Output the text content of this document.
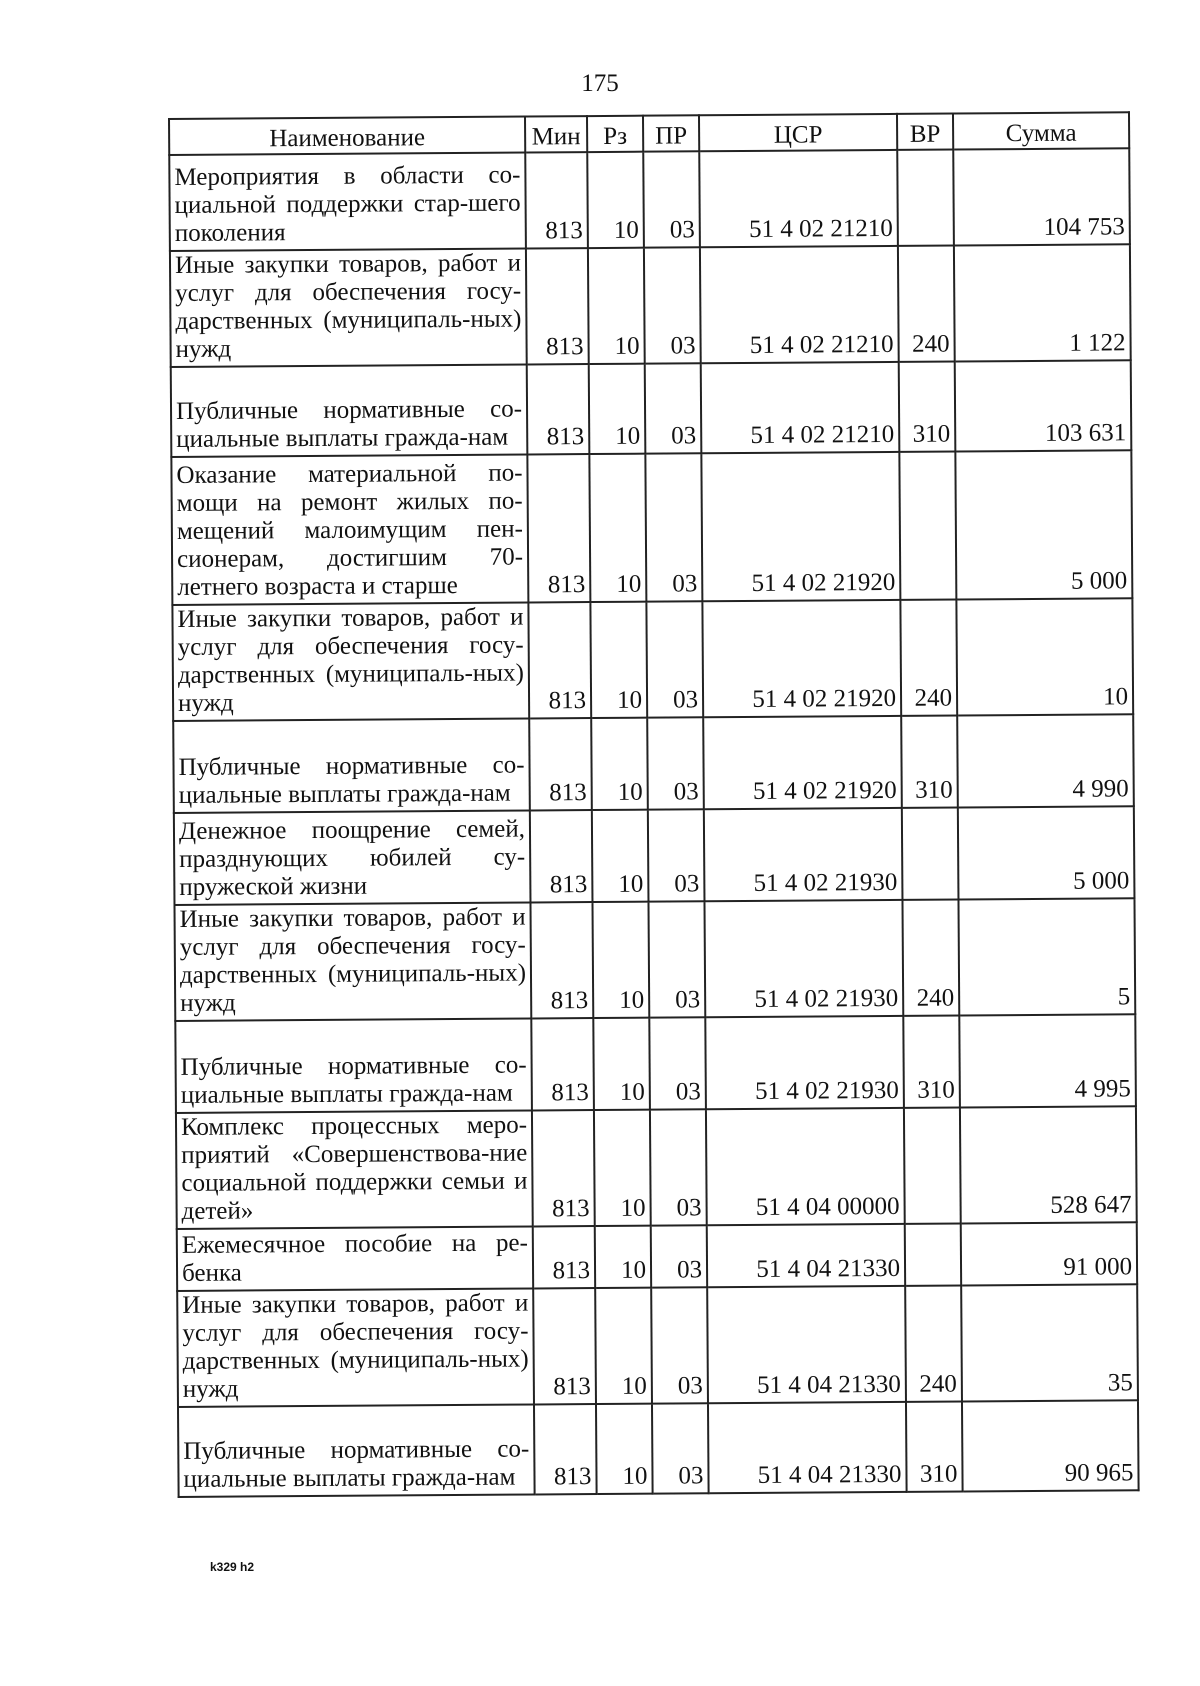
175
Наименование	Мин	Рз	ПР	ЦСР	ВР	Сумма
Мероприятия в области со-циальной поддержки стар-шего поколения	813	10	03	51 4 02 21210		104 753
Иные закупки товаров, работ и услуг для обеспечения госу-дарственных (муниципаль-ных) нужд	813	10	03	51 4 02 21210	240	1 122
Публичные нормативные со-циальные выплаты гражда-нам	813	10	03	51 4 02 21210	310	103 631
Оказание материальной по-мощи на ремонт жилых по-мещений малоимущим пен-сионерам, достигшим 70-летнего возраста и старше	813	10	03	51 4 02 21920		5 000
Иные закупки товаров, работ и услуг для обеспечения госу-дарственных (муниципаль-ных) нужд	813	10	03	51 4 02 21920	240	10
Публичные нормативные со-циальные выплаты гражда-нам	813	10	03	51 4 02 21920	310	4 990
Денежное поощрение семей, празднующих юбилей су-пружеской жизни	813	10	03	51 4 02 21930		5 000
Иные закупки товаров, работ и услуг для обеспечения госу-дарственных (муниципаль-ных) нужд	813	10	03	51 4 02 21930	240	5
Публичные нормативные со-циальные выплаты гражда-нам	813	10	03	51 4 02 21930	310	4 995
Комплекс процессных меро-приятий «Совершенствова-ние социальной поддержки семьи и детей»	813	10	03	51 4 04 00000		528 647
Ежемесячное пособие на ре-бенка	813	10	03	51 4 04 21330		91 000
Иные закупки товаров, работ и услуг для обеспечения госу-дарственных (муниципаль-ных) нужд	813	10	03	51 4 04 21330	240	35
Публичные нормативные со-циальные выплаты гражда-нам	813	10	03	51 4 04 21330	310	90 965
k329 h2
